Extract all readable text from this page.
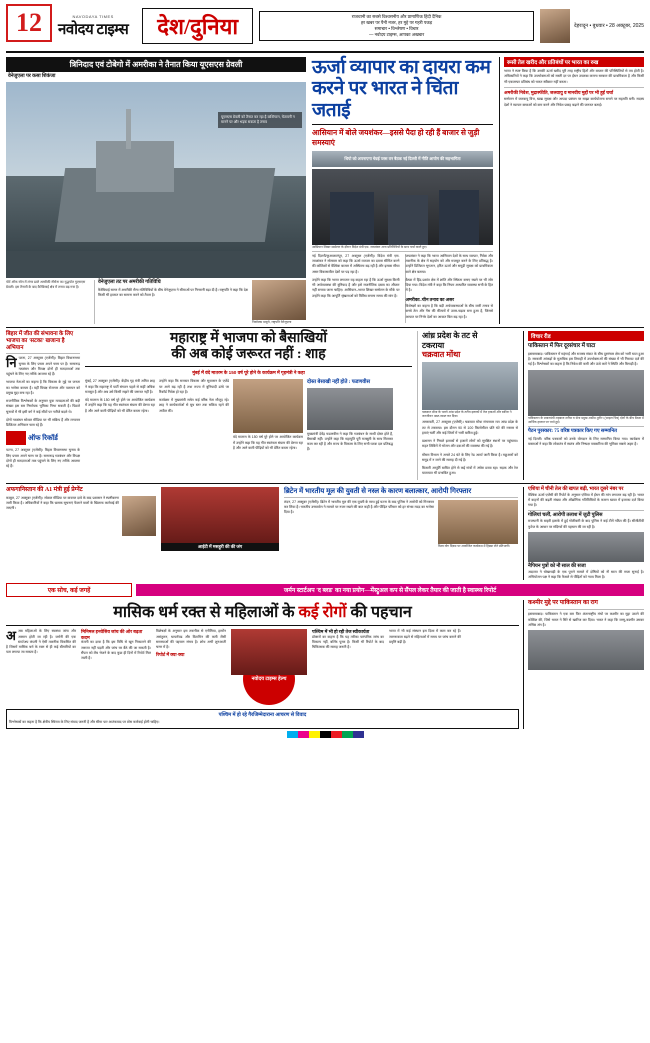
12	NAVODAYA TIMES
नवोदय टाइम्स	देश/दुनिया	राजधानी का सबसे विश्वसनीय और प्रामाणिक हिंदी दैनिक
हर खबर पर पैनी नजर, हर मुद्दे पर गहरी पकड़
समाचार • विश्लेषण • विचार
— नवोदय टाइम्स, आपका अखबार
देहरादून • बुधवार • 28 अक्टूबर, 2025
त्रिनिदाद एवं टोबेगो में अमरीका ने तैनात किया यूएसएस ग्रेवली
वेनेजुएला पर कसा शिकंजा
यूएसएस ग्रेवली को तैनात कर रहा है वाशिंगटन, चेतावनी न मानने पर और भड़क सकता है तनाव
पोर्ट ऑफ स्पेन में लंगर डाले अमरीकी नौसेना का युद्धपोत यूएसएस ग्रेवली। इस तैनाती के बाद कैरेबियाई क्षेत्र में तनाव बढ़ गया है।
वेनेजुएला तट पर अमरीकी गतिविधि
कैरेबियाई सागर में अमरीकी सैन्य गतिविधियों के बीच वेनेजुएला ने सीमाओं पर निगरानी बढ़ा दी है। राष्ट्रपति ने कहा कि देश किसी भी हालात का सामना करने को तैयार है।
निकोलस मादुरो, राष्ट्रपति वेनेजुएला
ऊर्जा व्यापार का दायरा कम
करने पर भारत ने चिंता जताई
आसियान में बोले जयशंकर—इससे पैदा हो रही हैं बाजार से जुड़ी समस्याएं
थियो को अपनाएगा चेन्नई प्लस वन बैठक नई दिल्ली में नीति आयोग की सहभागिता
आसियान शिखर सम्मेलन के दौरान विदेश मंत्री एस. जयशंकर अन्य प्रतिनिधियों के साथ चर्चा करते हुए।

नई दिल्ली/कुआलालंपुर, 27 अक्टूबर (एजेंसी)। विदेश मंत्री एस. जयशंकर ने सोमवार को कहा कि ऊर्जा व्यापार का दायरा सीमित करने की कोशिशों से वैश्विक बाजार में अस्थिरता बढ़ रही है और इसका सीधा असर विकासशील देशों पर पड़ रहा है।

उन्होंने कहा कि भारत लगातार यह कहता रहा है कि ऊर्जा सुरक्षा किसी भी अर्थव्यवस्था की बुनियाद है और इसे राजनीतिक दबाव का औजार नहीं बनाया जाना चाहिए। आसियान–भारत शिखर सम्मेलन के मौके पर उन्होंने कहा कि आपूर्ति श्रृंखलाओं को विविध बनाना समय की मांग है।

जयशंकर ने कहा कि भारत आसियान देशों के साथ व्यापार, निवेश और तकनीक के क्षेत्र में सहयोग को और मजबूत करने के लिए प्रतिबद्ध है। उन्होंने डिजिटल भुगतान, हरित ऊर्जा और समुद्री सुरक्षा को प्राथमिकता वाले क्षेत्र बताया।

बैठक में हिंद-प्रशांत क्षेत्र में शांति और स्थिरता बनाए रखने पर भी जोर दिया गया। विदेश मंत्री ने कहा कि नियम आधारित व्यवस्था सभी के हित में है।

अमरीका–चीन तनाव का असर

विशेषज्ञों का कहना है कि बड़ी अर्थव्यवस्थाओं के बीच जारी तनाव से कच्चे तेल और गैस की कीमतों में उतार-चढ़ाव बना हुआ है, जिससे आयात पर निर्भर देशों का आयात बिल बढ़ रहा है।

रूसी तेल खरीद और प्रतिबंधों पर भारत का रुख
भारत ने स्पष्ट किया है कि उसकी ऊर्जा खरीद पूरी तरह राष्ट्रीय हितों और बाजार की परिस्थितियों से तय होती है। अधिकारियों ने कहा कि उपभोक्ताओं को सस्ती दर पर ईंधन उपलब्ध कराना सरकार की प्राथमिकता है और किसी भी एकतरफा प्रतिबंध को भारत स्वीकार नहीं करता।
अमरीकी निवेश, मुद्रास्फीति, जलवायु व मानवीय मुद्दों पर भी हुई चर्चा
सम्मेलन में जलवायु वित्त, खाद्य सुरक्षा और आपदा प्रबंधन पर साझा कार्ययोजना बनाने पर सहमति बनी। सदस्य देशों ने व्यापार बाधाओं को कम करने और निवेश प्रवाह बढ़ाने की जरूरत बताई।
बिहार में जीत की संभावना के लिए भाजपा का 'सटका' खजाना है अभियान

निपटना, 27 अक्टूबर (एजेंसी)। बिहार विधानसभा चुनाव के लिए प्रचार अपने चरम पर है। सत्तारूढ़ गठबंधन और विपक्ष दोनों ही मतदाताओं तक पहुंचने के लिए नए तरीके आजमा रहे हैं।

भाजपा नेताओं का कहना है कि विकास के मुद्दे पर जनता का भरोसा कायम है। वहीं विपक्ष रोजगार और पलायन को प्रमुख मुद्दा बना रहा है।

राजनीतिक विश्लेषकों के अनुसार युवा मतदाताओं की बड़ी संख्या इस बार निर्णायक भूमिका निभा सकती है। पिछले चुनावों में भी इसी वर्ग ने कई सीटों पर नतीजे बदले थे।

दोनों गठबंधन सोशल मीडिया पर भी सक्रिय हैं और लगातार डिजिटल अभियान चला रहे हैं।

ऑफ रिकॉर्ड
पटना, 27 अक्टूबर (एजेंसी)। बिहार विधानसभा चुनाव के लिए प्रचार अपने चरम पर है। सत्तारूढ़ गठबंधन और विपक्ष दोनों ही मतदाताओं तक पहुंचने के लिए नए तरीके आजमा रहे हैं।
महाराष्ट्र में भाजपा को बैसाखियों
की अब कोई जरूरत नहीं : शाह
मुंबई में वंदे मातरम के 150 वर्ष पूरे होने के कार्यक्रम में गृहमंत्री ने कहा

मुंबई, 27 अक्टूबर (एजेंसी)। केंद्रीय गृह मंत्री अमित शाह ने कहा कि महाराष्ट्र में पार्टी संगठन पहले से कहीं अधिक मजबूत है और अब उसे किसी सहारे की जरूरत नहीं है।

वंदे मातरम के 150 वर्ष पूरे होने पर आयोजित कार्यक्रम में उन्होंने कहा कि यह गीत स्वतंत्रता संग्राम की प्रेरणा रहा है और आने वाली पीढ़ियों को भी प्रेरित करता रहेगा।

उन्होंने कहा कि सरकार विकास और सुशासन के एजेंडे पर आगे बढ़ रही है तथा राज्य में बुनियादी ढांचे पर रिकॉर्ड निवेश हो रहा है।

कार्यक्रम में मुख्यमंत्री समेत कई वरिष्ठ नेता मौजूद रहे। शाह ने कार्यकर्ताओं से बूथ स्तर तक सक्रिय रहने की अपील की।

वंदे मातरम के 150 वर्ष पूरे होने पर आयोजित कार्यक्रम में उन्होंने कहा कि यह गीत स्वतंत्रता संग्राम की प्रेरणा रहा है और आने वाली पीढ़ियों को भी प्रेरित करता रहेगा।
दोस्त बेसाखी नहीं होते : फडणवीस
मुख्यमंत्री देवेंद्र फडणवीस ने कहा कि गठबंधन के साथी दोस्त होते हैं, बैसाखी नहीं। उन्होंने कहा कि महायुति पूरी मजबूती के साथ मिलकर काम कर रही है और राज्य के विकास के लिए सभी घटक दल प्रतिबद्ध हैं।
आंध्र प्रदेश के तट से
टकराया
चक्रवात मोंथा
चक्रवात मोंथा के चलते आंध्र प्रदेश के तटीय इलाकों में तेज हवाओं और बारिश ने जनजीवन अस्त-व्यस्त कर दिया।

अमरावती, 27 अक्टूबर (एजेंसी)। चक्रवात मोंथा मंगलवार रात आंध्र प्रदेश के तट से टकराया। इस दौरान 90 से 100 किलोमीटर प्रति घंटे की रफ्तार से हवाएं चलीं और कई जिलों में भारी बारिश हुई।

प्रशासन ने निचले इलाकों से हजारों लोगों को सुरक्षित स्थानों पर पहुंचाया। राहत शिविरों में भोजन और दवाओं की व्यवस्था की गई है।

मौसम विभाग ने अगले 24 घंटे के लिए रेड अलर्ट जारी किया है। मछुआरों को समुद्र में न जाने की सलाह दी गई है।

बिजली आपूर्ति बाधित होने से कई गांवों में अंधेरा छाया रहा। सड़क और रेल यातायात भी प्रभावित हुआ।

विचार रीड
पाकिस्तान में फिर दूरसंचार में घाटा
इस्लामाबाद। पाकिस्तान में महंगाई और राजस्व संकट के बीच दूरसंचार क्षेत्र को भारी घाटा हुआ है। सरकारी आंकड़ों के मुताबिक इस तिमाही में उपभोक्ताओं की संख्या में भी गिरावट दर्ज की गई है। विश्लेषकों का कहना है कि निवेश की कमी और ऊंचे करों ने स्थिति और बिगाड़ी है।
पाकिस्तान के प्रधानमंत्री शहबाज शरीफ व सेना प्रमुख असीम मुनीर। (फाइल चित्र) दोनों के बीच बैठक में आर्थिक हालात पर चर्चा हुई।
पैटन पुरस्कार: 75 वरिष्ठ पत्रकार किए गए सम्मानित
नई दिल्ली। वरिष्ठ पत्रकारों को उनके योगदान के लिए सम्मानित किया गया। कार्यक्रम में वक्ताओं ने कहा कि लोकतंत्र में स्वतंत्र और निष्पक्ष पत्रकारिता की भूमिका सबसे अहम है।
अफगानिस्तान की A1 मंत्री हुई प्रेग्नेंट
काबुल, 27 अक्टूबर (एजेंसी)। सोशल मीडिया पर वायरल दावे के बाद प्रशासन ने स्पष्टीकरण जारी किया है। अधिकारियों ने कहा कि भ्रामक सूचनाएं फैलाने वालों के खिलाफ कार्रवाई की जाएगी।
आईटी में मसहूरी की की जंग
ब्रिटेन में भारतीय मूल की युवती से नस्ल के कारण बलात्कार, आरोपी गिरफ्तार
लंदन, 27 अक्टूबर (एजेंसी)। ब्रिटेन में भारतीय मूल की एक युवती के साथ हुई घटना के बाद पुलिस ने आरोपी को गिरफ्तार कर लिया है। भारतीय उच्चायोग ने मामले पर नजर रखने की बात कही है और पीड़ित परिवार को हर संभव मदद का भरोसा दिया है।
विश्व योग दिवस पर आयोजित कार्यक्रम में हिस्सा लेते प्रतिभागी।
एशिया में चीनी तेल की खपत बढ़ी, भारत दूसरे नंबर पर
वैश्विक ऊर्जा एजेंसी की रिपोर्ट के अनुसार एशिया में ईंधन की मांग लगातार बढ़ रही है। भारत में वाहनों की बढ़ती संख्या और औद्योगिक गतिविधियों के कारण खपत में इजाफा दर्ज किया गया है।
गोलियां चलीं, आरोपी तलाश में जुटी पुलिस
राजधानी के बाहरी इलाके में हुई गोलीबारी के बाद पुलिस ने कई टीमें गठित की हैं। सीसीटीवी फुटेज के आधार पर संदिग्धों की पहचान की जा रही है।
नैपियन पुत्रों को नौ साल की सजा
अदालत ने धोखाधड़ी के एक पुराने मामले में दोषियों को नौ साल की सजा सुनाई है। अभियोजन पक्ष ने कहा कि फैसले से पीड़ितों को न्याय मिला है।
एक सोच, कई जगहें	जर्मन स्टार्टअप 'द ब्लड' का नया प्रयोग—मेंस्ट्रुअल कप से सैंपल लेकर तैयार की जाती है स्वास्थ्य रिपोर्ट
मासिक धर्म रक्त से महिलाओं के कई रोगों की पहचान

अअब महिलाओं के लिए स्वास्थ्य जांच और आसान होती जा रही है। जर्मनी की एक स्टार्टअप कंपनी ने ऐसी तकनीक विकसित की है जिसमें मासिक धर्म के रक्त से ही कई बीमारियों का पता लगाया जा सकता है।

मिनिमल इनवेसिव जांच की ओर बढ़ता कदम
कंपनी का दावा है कि इस विधि से खून निकालने की जरूरत नहीं पड़ती और जांच घर बैठे की जा सकती है। सैंपल को लैब भेजने के बाद कुछ ही दिनों में रिपोर्ट मिल जाती है।
विशेषज्ञों के अनुसार इस तकनीक से एनीमिया, हार्मोन असंतुलन, थायरॉयड और विटामिन की कमी जैसी समस्याओं की पहचान संभव है। शोध अभी शुरुआती चरण में है।
रिपोर्ट में क्या-क्या
नवोदय टाइम्स हेल्थ
पश्चिम में भी हो रही तेज स्वीकार्यता
डॉक्टरों का कहना है कि यह तरीका पारंपरिक जांच का विकल्प नहीं, बल्कि पूरक है। किसी भी रिपोर्ट के बाद चिकित्सक की सलाह जरूरी है।

भारत में भी कई संस्थान इस दिशा में काम कर रहे हैं। जागरूकता बढ़ने से महिलाओं में समय पर जांच कराने की प्रवृत्ति बढ़ी है।

पश्चिम में हो रहे गैरजिम्मेदाराना आचरण से विवाद
विश्लेषकों का कहना है कि क्षेत्रीय स्थिरता के लिए संवाद जरूरी है और सीमा पार आतंकवाद पर ठोस कार्रवाई होनी चाहिए।
कश्मीर मुद्दे पर पाकिस्तान का राग
इस्लामाबाद। पाकिस्तान ने एक बार फिर अंतरराष्ट्रीय मंचों पर कश्मीर का मुद्दा उठाने की कोशिश की, जिसे भारत ने सिरे से खारिज कर दिया। भारत ने कहा कि जम्मू-कश्मीर उसका अभिन्न अंग है।
